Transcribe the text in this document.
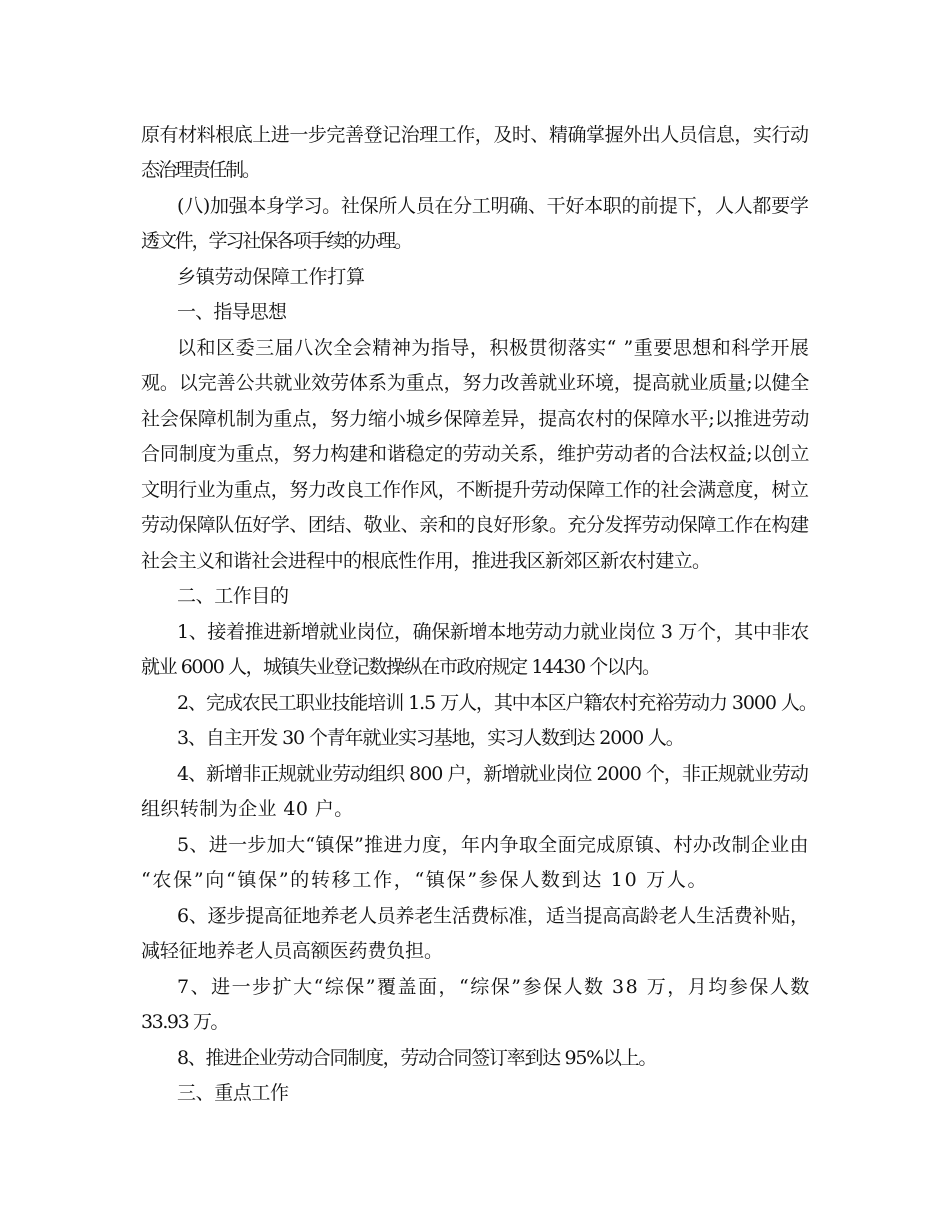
原有材料根底上进一步完善登记治理工作，及时、精确掌握外出人员信息，实行动
态治理责任制。
(八)加强本身学习。社保所人员在分工明确、干好本职的前提下，人人都要学
透文件，学习社保各项手续的办理。
乡镇劳动保障工作打算
一、指导思想
以和区委三届八次全会精神为指导，积极贯彻落实“ ”重要思想和科学开展
观。以完善公共就业效劳体系为重点，努力改善就业环境，提高就业质量;以健全
社会保障机制为重点，努力缩小城乡保障差异，提高农村的保障水平;以推进劳动
合同制度为重点，努力构建和谐稳定的劳动关系，维护劳动者的合法权益;以创立
文明行业为重点，努力改良工作作风，不断提升劳动保障工作的社会满意度，树立
劳动保障队伍好学、团结、敬业、亲和的良好形象。充分发挥劳动保障工作在构建
社会主义和谐社会进程中的根底性作用，推进我区新郊区新农村建立。
二、工作目的
1、接着推进新增就业岗位，确保新增本地劳动力就业岗位 3 万个，其中非农
就业 6000 人，城镇失业登记数操纵在市政府规定 14430 个以内。
2、完成农民工职业技能培训 1.5 万人，其中本区户籍农村充裕劳动力 3000 人。
3、自主开发 30 个青年就业实习基地，实习人数到达 2000 人。
4、新增非正规就业劳动组织 800 户，新增就业岗位 2000 个，非正规就业劳动
组织转制为企业 40 户。
5、进一步加大“镇保”推进力度，年内争取全面完成原镇、村办改制企业由
“农保”向“镇保”的转移工作，“镇保”参保人数到达 10 万人。
6、逐步提高征地养老人员养老生活费标准，适当提高高龄老人生活费补贴，
减轻征地养老人员高额医药费负担。
7、进一步扩大“综保”覆盖面，“综保”参保人数 38 万，月均参保人数
33.93 万。
8、推进企业劳动合同制度，劳动合同签订率到达 95%以上。
三、重点工作
